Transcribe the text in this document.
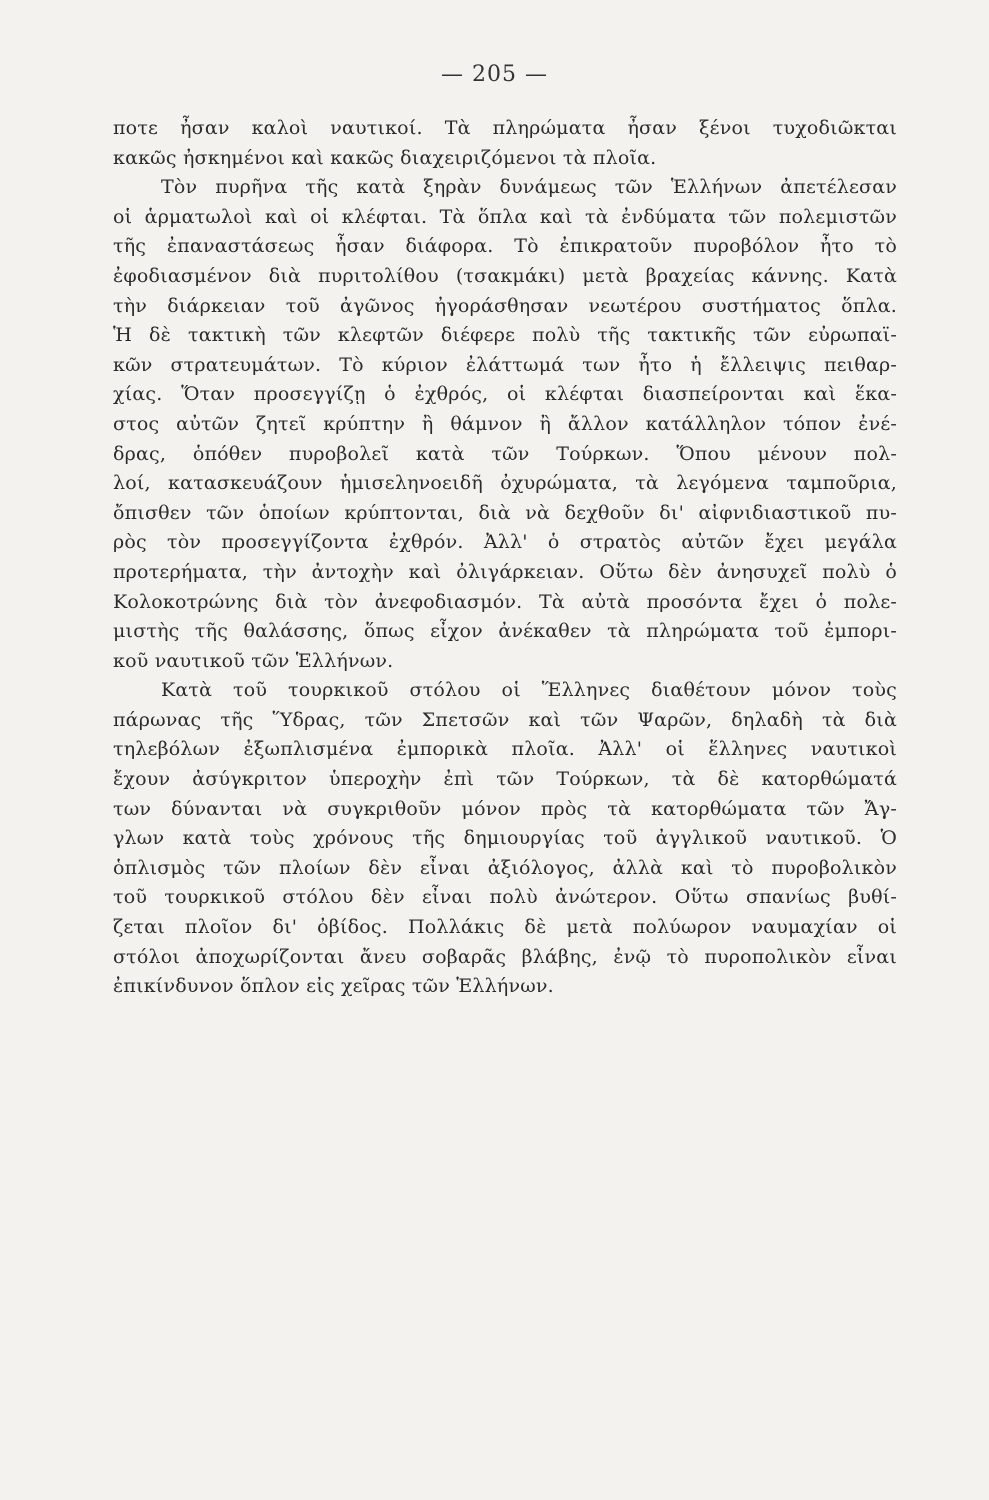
— 205 —
ποτε ἦσαν καλοὶ ναυτικοί. Τὰ πληρώματα ἦσαν ξένοι τυχοδιῶκται
κακῶς ἠσκημένοι καὶ κακῶς διαχειριζόμενοι τὰ πλοῖα.
Τὸν πυρῆνα τῆς κατὰ ξηρὰν δυνάμεως τῶν Ἑλλήνων ἀπετέλεσαν
οἱ ἁρματωλοὶ καὶ οἱ κλέφται. Τὰ ὅπλα καὶ τὰ ἐνδύματα τῶν πολεμιστῶν
τῆς ἐπαναστάσεως ἦσαν διάφορα. Τὸ ἐπικρατοῦν πυροβόλον ἦτο τὸ
ἐφοδιασμένον διὰ πυριτολίθου (τσακμάκι) μετὰ βραχείας κάννης. Κατὰ
τὴν διάρκειαν τοῦ ἀγῶνος ἠγοράσθησαν νεωτέρου συστήματος ὅπλα.
Ἡ δὲ τακτικὴ τῶν κλεφτῶν διέφερε πολὺ τῆς τακτικῆς τῶν εὐρωπαϊ-
κῶν στρατευμάτων. Τὸ κύριον ἐλάττωμά των ἦτο ἡ ἔλλειψις πειθαρ-
χίας. Ὅταν προσεγγίζῃ ὁ ἐχθρός, οἱ κλέφται διασπείρονται καὶ ἕκα-
στος αὐτῶν ζητεῖ κρύπτην ἢ θάμνον ἢ ἄλλον κατάλληλον τόπον ἐνέ-
δρας, ὁπόθεν πυροβολεῖ κατὰ τῶν Τούρκων. Ὅπου μένουν πολ-
λοί, κατασκευάζουν ἡμισεληνοειδῆ ὀχυρώματα, τὰ λεγόμενα ταμποῦρια,
ὄπισθεν τῶν ὁποίων κρύπτονται, διὰ νὰ δεχθοῦν δι' αἰφνιδιαστικοῦ πυ-
ρὸς τὸν προσεγγίζοντα ἐχθρόν. Ἀλλ' ὁ στρατὸς αὐτῶν ἔχει μεγάλα
προτερήματα, τὴν ἀντοχὴν καὶ ὀλιγάρκειαν. Οὕτω δὲν ἀνησυχεῖ πολὺ ὁ
Κολοκοτρώνης διὰ τὸν ἀνεφοδιασμόν. Τὰ αὐτὰ προσόντα ἔχει ὁ πολε-
μιστὴς τῆς θαλάσσης, ὅπως εἶχον ἀνέκαθεν τὰ πληρώματα τοῦ ἐμπορι-
κοῦ ναυτικοῦ τῶν Ἑλλήνων.
Κατὰ τοῦ τουρκικοῦ στόλου οἱ Ἕλληνες διαθέτουν μόνον τοὺς
πάρωνας τῆς Ὕδρας, τῶν Σπετσῶν καὶ τῶν Ψαρῶν, δηλαδὴ τὰ διὰ
τηλεβόλων ἐξωπλισμένα ἐμπορικὰ πλοῖα. Ἀλλ' οἱ ἕλληνες ναυτικοὶ
ἔχουν ἀσύγκριτον ὑπεροχὴν ἐπὶ τῶν Τούρκων, τὰ δὲ κατορθώματά
των δύνανται νὰ συγκριθοῦν μόνον πρὸς τὰ κατορθώματα τῶν Ἄγ-
γλων κατὰ τοὺς χρόνους τῆς δημιουργίας τοῦ ἀγγλικοῦ ναυτικοῦ. Ὁ
ὁπλισμὸς τῶν πλοίων δὲν εἶναι ἀξιόλογος, ἀλλὰ καὶ τὸ πυροβολικὸν
τοῦ τουρκικοῦ στόλου δὲν εἶναι πολὺ ἀνώτερον. Οὕτω σπανίως βυθί-
ζεται πλοῖον δι' ὀβίδος. Πολλάκις δὲ μετὰ πολύωρον ναυμαχίαν οἱ
στόλοι ἀποχωρίζονται ἄνευ σοβαρᾶς βλάβης, ἐνῷ τὸ πυροπολικὸν εἶναι
ἐπικίνδυνον ὅπλον εἰς χεῖρας τῶν Ἑλλήνων.
